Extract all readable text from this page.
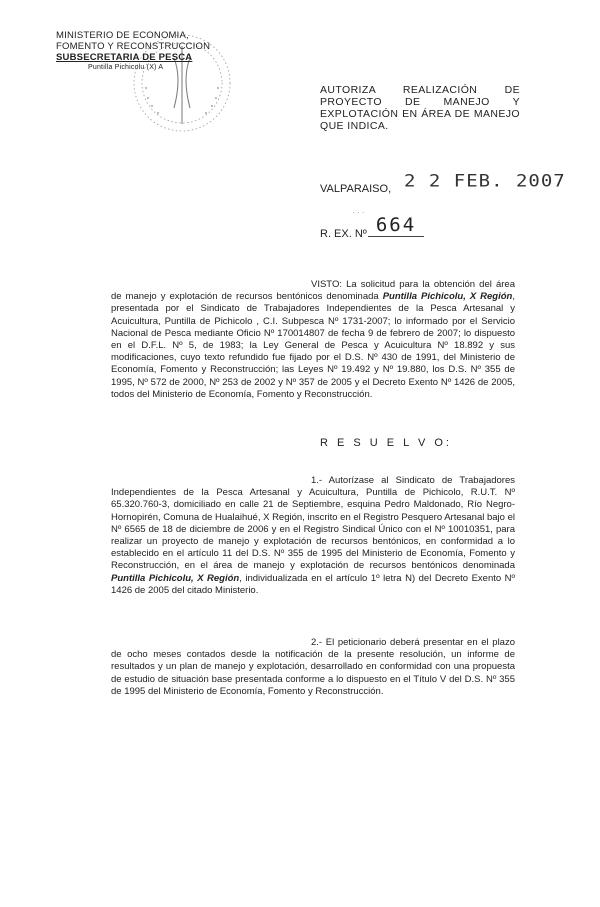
MINISTERIO DE ECONOMIA,
FOMENTO Y RECONSTRUCCION
SUBSECRETARIA DE PESCA
Puntilla Pichicolu (X) A
AUTORIZA REALIZACIÓN DE
PROYECTO DE MANEJO Y
EXPLOTACIÓN EN ÁREA DE MANEJO
QUE INDICA.
VALPARAISO, 2 2 FEB. 2007
· · ·
R. EX. Nº 664
VISTO: La solicitud para la obtención del área de manejo y explotación de recursos bentónicos denominada Puntilla Pichicolu, X Región, presentada por el Sindicato de Trabajadores Independientes de la Pesca Artesanal y Acuicultura, Puntilla de Pichicolo , C.I. Subpesca Nº 1731-2007; lo informado por el Servicio Nacional de Pesca mediante Oficio Nº 170014807 de fecha 9 de febrero de 2007; lo dispuesto en el D.F.L. Nº 5, de 1983; la Ley General de Pesca y Acuicultura Nº 18.892 y sus modificaciones, cuyo texto refundido fue fijado por el D.S. Nº 430 de 1991, del Ministerio de Economía, Fomento y Reconstrucción; las Leyes Nº 19.492 y Nº 19.880, los D.S. Nº 355 de 1995, Nº 572 de 2000, Nº 253 de 2002 y Nº 357 de 2005 y el Decreto Exento Nº 1426 de 2005, todos del Ministerio de Economía, Fomento y Reconstrucción.
R E S U E L V O:
1.- Autorízase al Sindicato de Trabajadores Independientes de la Pesca Artesanal y Acuicultura, Puntilla de Pichicolo, R.U.T. Nº 65.320.760-3, domiciliado en calle 21 de Septiembre, esquina Pedro Maldonado, Río Negro-Hornopirén, Comuna de Hualaihué, X Región, inscrito en el Registro Pesquero Artesanal bajo el Nº 6565 de 18 de diciembre de 2006 y en el Registro Sindical Único con el Nº 10010351, para realizar un proyecto de manejo y explotación de recursos bentónicos, en conformidad a lo establecido en el artículo 11 del D.S. Nº 355 de 1995 del Ministerio de Economía, Fomento y Reconstrucción, en el área de manejo y explotación de recursos bentónicos denominada Puntilla Pichicolu, X Región, individualizada en el artículo 1º letra N) del Decreto Exento Nº 1426 de 2005 del citado Ministerio.
2.- El peticionario deberá presentar en el plazo de ocho meses contados desde la notificación de la presente resolución, un informe de resultados y un plan de manejo y explotación, desarrollado en conformidad con una propuesta de estudio de situación base presentada conforme a lo dispuesto en el Título V del D.S. Nº 355 de 1995 del Ministerio de Economía, Fomento y Reconstrucción.
